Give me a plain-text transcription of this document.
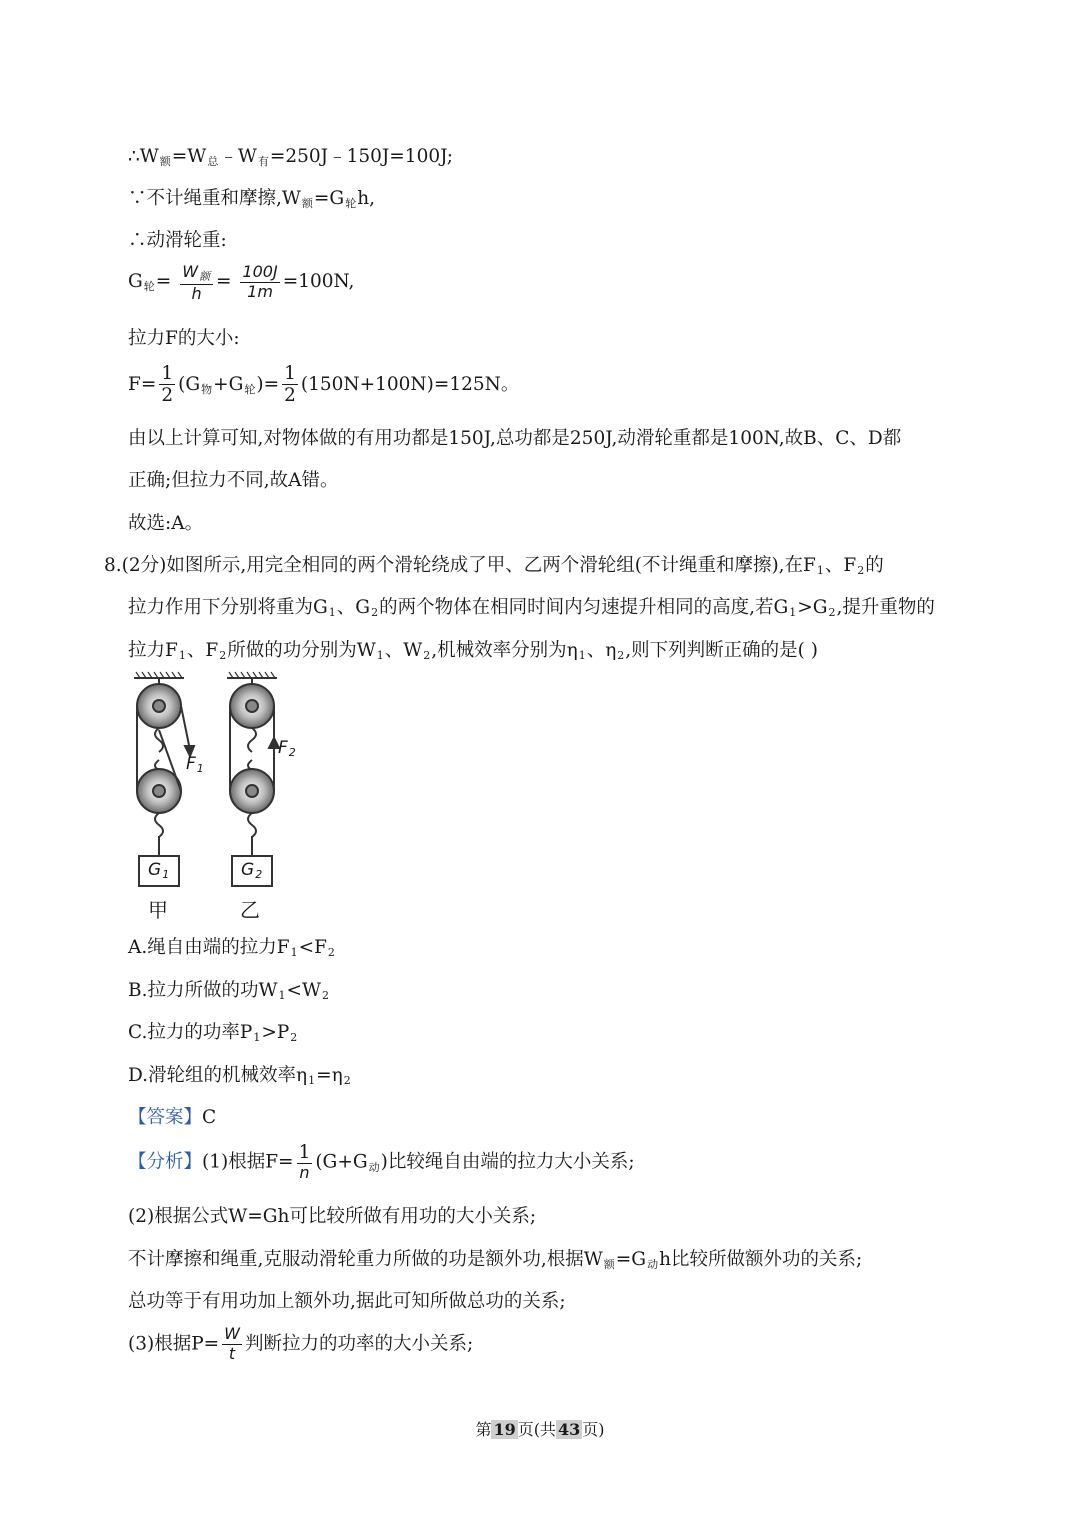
$\therefore W_额=W_总﹣W_有=250J﹣150J=100J$;
∵不计绳重和摩擦$,W_额=G_轮h$,
∴动滑轮重:
$G_轮= \frac{W_额}{h} = \frac{100J}{1m} =100N$,
拉力F的大小:
$F= \frac{1}{2} (G_物+G_轮)= \frac{1}{2} (150N+100N)=125N$。
由以上计算可知,对物体做的有用功都是150J,总功都是250J,动滑轮重都是100N,故B、C、D都
正确;但拉力不同,故A错。
故选:A。
8.(2分)如图所示,用完全相同的两个滑轮绕成了甲、乙两个滑轮组(不计绳重和摩擦),在$F_1$、$F_2$的
拉力作用下分别将重为$G_1$、$G_2$的两个物体在相同时间内匀速提升相同的高度,若$G_1>G_2$,提升重物的
拉力$F_1$、$F_2$所做的功分别为$W_1$、$W_2$,机械效率分别为$\eta_1$、$\eta_2$,则下列判断正确的是( )
$F_1$
$F_2$
$G_1$	$G_2$
甲	乙
A.绳自由端的拉力$F_1<F_2$
B.拉力所做的功$W_1<W_2$
C.拉力的功率$P_1>P_2$
D.滑轮组的机械效率$\eta_1=\eta_2$
【答案】C
【分析】(1)根据$F= \frac{1}{n} (G+G_动)$比较绳自由端的拉力大小关系;
(2)根据公式W=Gh可比较所做有用功的大小关系;
不计摩擦和绳重,克服动滑轮重力所做的功是额外功,根据$W_额=G_动h$比较所做额外功的关系;
总功等于有用功加上额外功,据此可知所做总功的关系;
(3)根据$P= \frac{W}{t}$ 判断拉力的功率的大小关系;
第 19 页(共 43 页)
